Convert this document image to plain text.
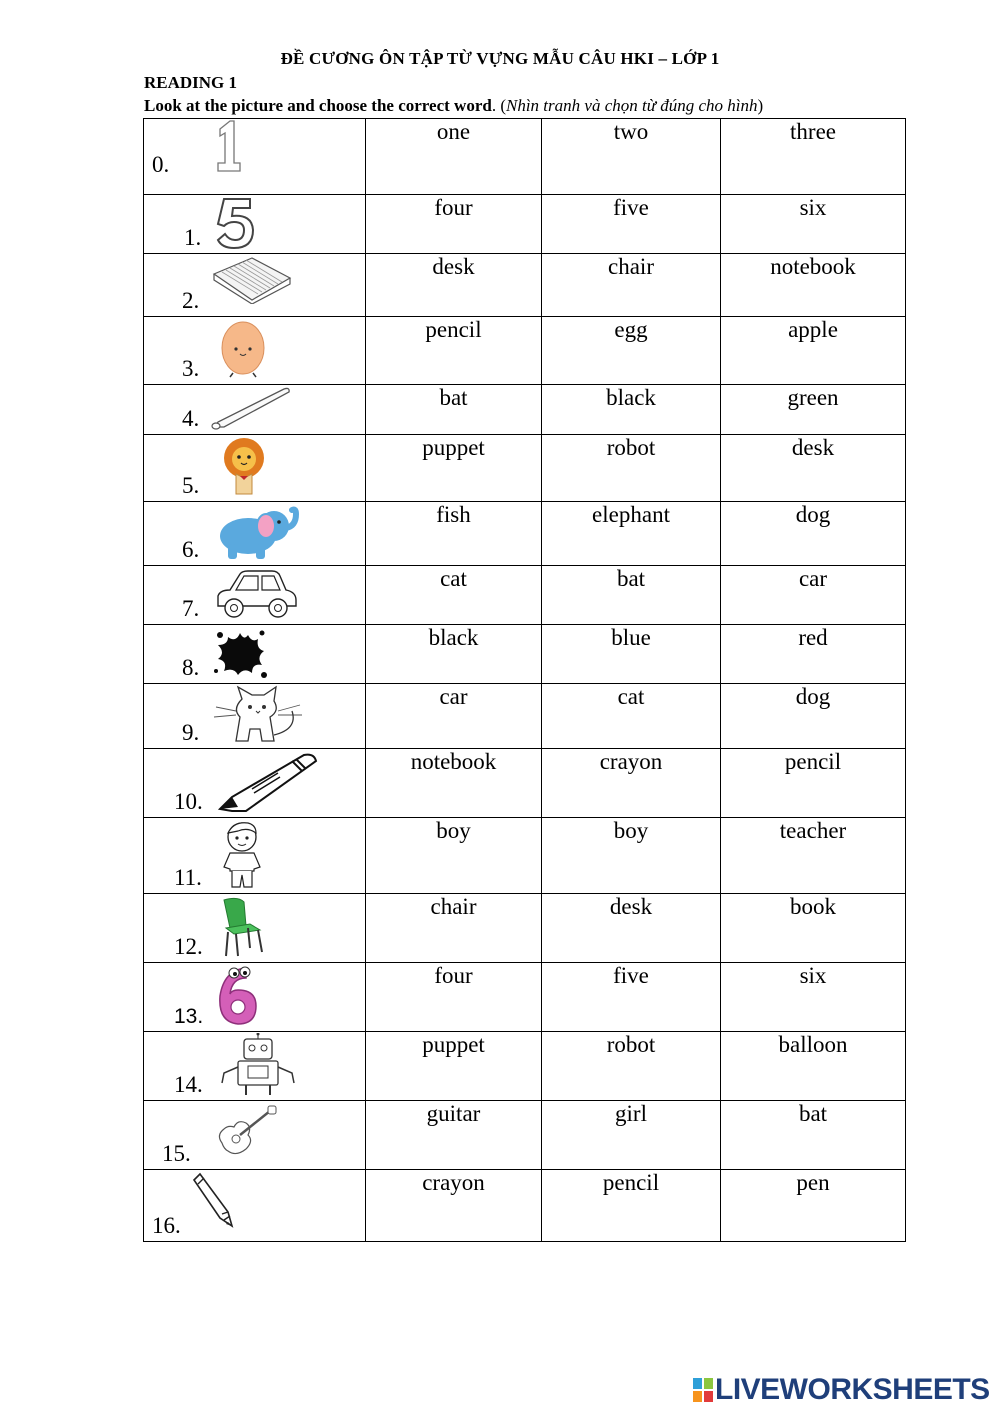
ĐỀ CƯƠNG ÔN TẬP TỪ VỰNG MẪU CÂU HKI – LỚP 1
READING 1
Look at the picture and choose the correct word. (Nhìn tranh và chọn từ đúng cho hình)
0.	one	two	three

1.	four	five	six

2.	desk	chair	notebook

3.	pencil	egg	apple

4.	bat	black	green

5.	puppet	robot	desk

6.	fish	elephant	dog

7.	cat	bat	car

8.	black	blue	red

9.	car	cat	dog

10.	notebook	crayon	pencil

11.	boy	boy	teacher

12.	chair	desk	book

13.	four	five	six

14.	puppet	robot	balloon

15.	guitar	girl	bat

16.	crayon	pencil	pen
LIVEWORKSHEETS
